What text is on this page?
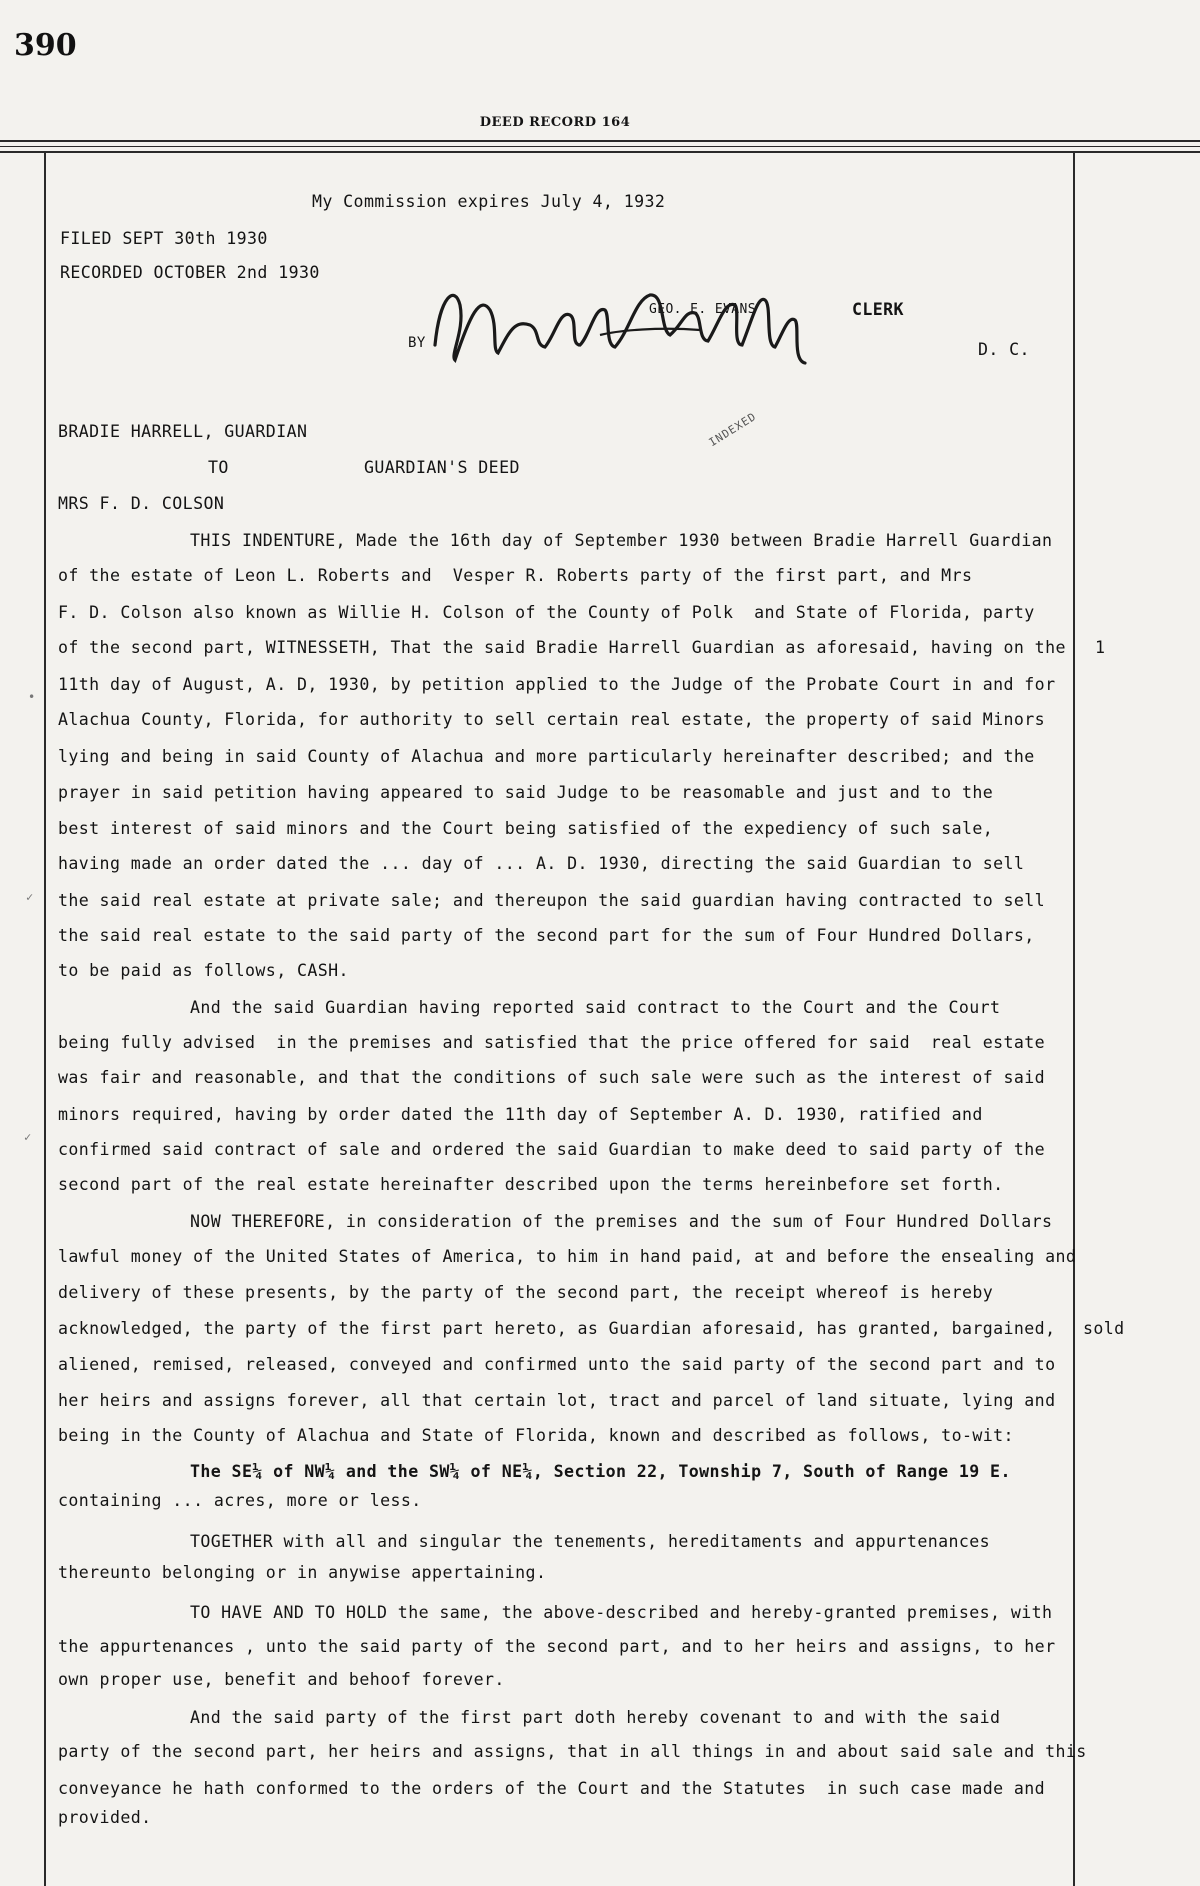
390
DEED RECORD 164
My Commission expires July 4, 1932
FILED SEPT 30th 1930
RECORDED OCTOBER 2nd 1930
GEO. E. EVANS	CLERK
BY	D. C.
BRADIE HARRELL, GUARDIAN
TO	GUARDIAN'S DEED
INDEXED
MRS F. D. COLSON
THIS INDENTURE, Made the 16th day of September 1930 between Bradie Harrell Guardian
of the estate of Leon L. Roberts and  Vesper R. Roberts party of the first part, and Mrs
F. D. Colson also known as Willie H. Colson of the County of Polk  and State of Florida, party
of the second part, WITNESSETH, That the said Bradie Harrell Guardian as aforesaid, having on the
11th day of August, A. D, 1930, by petition applied to the Judge of the Probate Court in and for
Alachua County, Florida, for authority to sell certain real estate, the property of said Minors
lying and being in said County of Alachua and more particularly hereinafter described; and the
prayer in said petition having appeared to said Judge to be reasomable and just and to the
best interest of said minors and the Court being satisfied of the expediency of such sale,
having made an order dated the ... day of ... A. D. 1930, directing the said Guardian to sell
the said real estate at private sale; and thereupon the said guardian having contracted to sell
the said real estate to the said party of the second part for the sum of Four Hundred Dollars,
to be paid as follows, CASH.
And the said Guardian having reported said contract to the Court and the Court
being fully advised  in the premises and satisfied that the price offered for said  real estate
was fair and reasonable, and that the conditions of such sale were such as the interest of said
minors required, having by order dated the 11th day of September A. D. 1930, ratified and
confirmed said contract of sale and ordered the said Guardian to make deed to said party of the
second part of the real estate hereinafter described upon the terms hereinbefore set forth.
NOW THEREFORE, in consideration of the premises and the sum of Four Hundred Dollars
lawful money of the United States of America, to him in hand paid, at and before the ensealing and
delivery of these presents, by the party of the second part, the receipt whereof is hereby
acknowledged, the party of the first part hereto, as Guardian aforesaid, has granted, bargained,
aliened, remised, released, conveyed and confirmed unto the said party of the second part and to
her heirs and assigns forever, all that certain lot, tract and parcel of land situate, lying and
being in the County of Alachua and State of Florida, known and described as follows, to-wit:
The SE¼ of NW¼ and the SW¼ of NE¼, Section 22, Township 7, South of Range 19 E.
containing ... acres, more or less.
TOGETHER with all and singular the tenements, hereditaments and appurtenances
thereunto belonging or in anywise appertaining.
TO HAVE AND TO HOLD the same, the above-described and hereby-granted premises, with
the appurtenances , unto the said party of the second part, and to her heirs and assigns, to her
own proper use, benefit and behoof forever.
And the said party of the first part doth hereby covenant to and with the said
party of the second part, her heirs and assigns, that in all things in and about said sale and this
conveyance he hath conformed to the orders of the Court and the Statutes  in such case made and
provided.
1
sold
•
✓
✓
